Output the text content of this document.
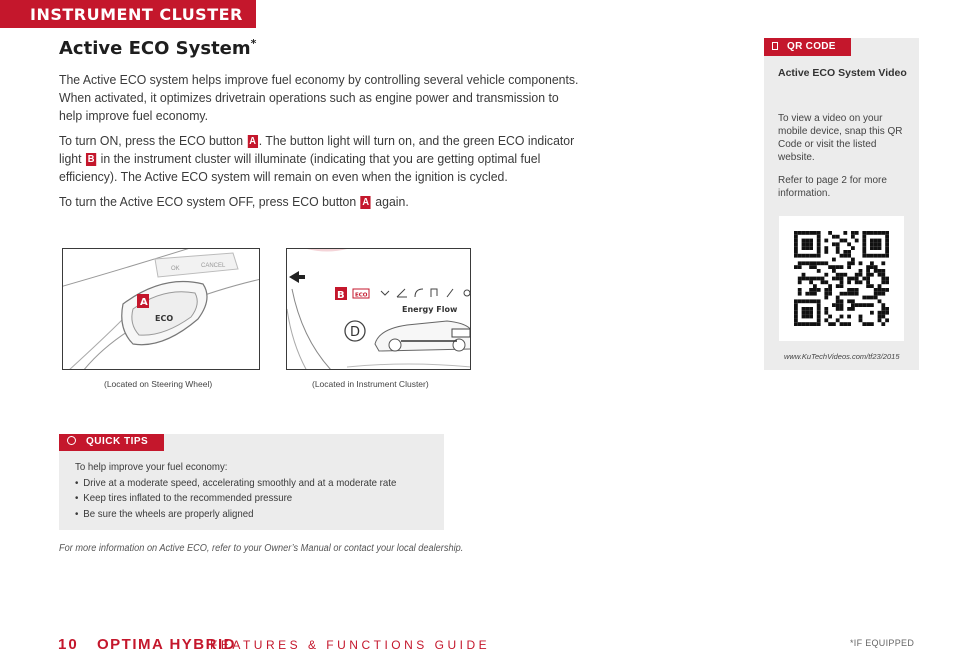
INSTRUMENT CLUSTER
Active ECO System*
The Active ECO system helps improve fuel economy by controlling several vehicle components. When activated, it optimizes drivetrain operations such as engine power and transmission to help improve fuel economy.
To turn ON, press the ECO button A . The button light will turn on, and the green ECO indicator light B in the instrument cluster will illuminate (indicating that you are getting optimal fuel efficiency). The Active ECO system will remain on even when the ignition is cycled.
To turn the Active ECO system OFF, press ECO button A again.
OK	CANCEL
ECO
A
B ECO
Energy Flow
D
(Located on Steering Wheel)	(Located in Instrument Cluster)
QUICK TIPS
To help improve your fuel economy:
• Drive at a moderate speed, accelerating smoothly and at a moderate rate
• Keep tires inflated to the recommended pressure
• Be sure the wheels are properly aligned
For more information on Active ECO, refer to your Owner’s Manual or contact your local dealership.
QR CODE
Active ECO System Video
To view a video on your mobile device, snap this QR Code or visit the listed website.
Refer to page 2 for more information.
www.KuTechVideos.com/tf23/2015
10 OPTIMA HYBRID
FEATURES & FUNCTIONS GUIDE	*IF EQUIPPED
